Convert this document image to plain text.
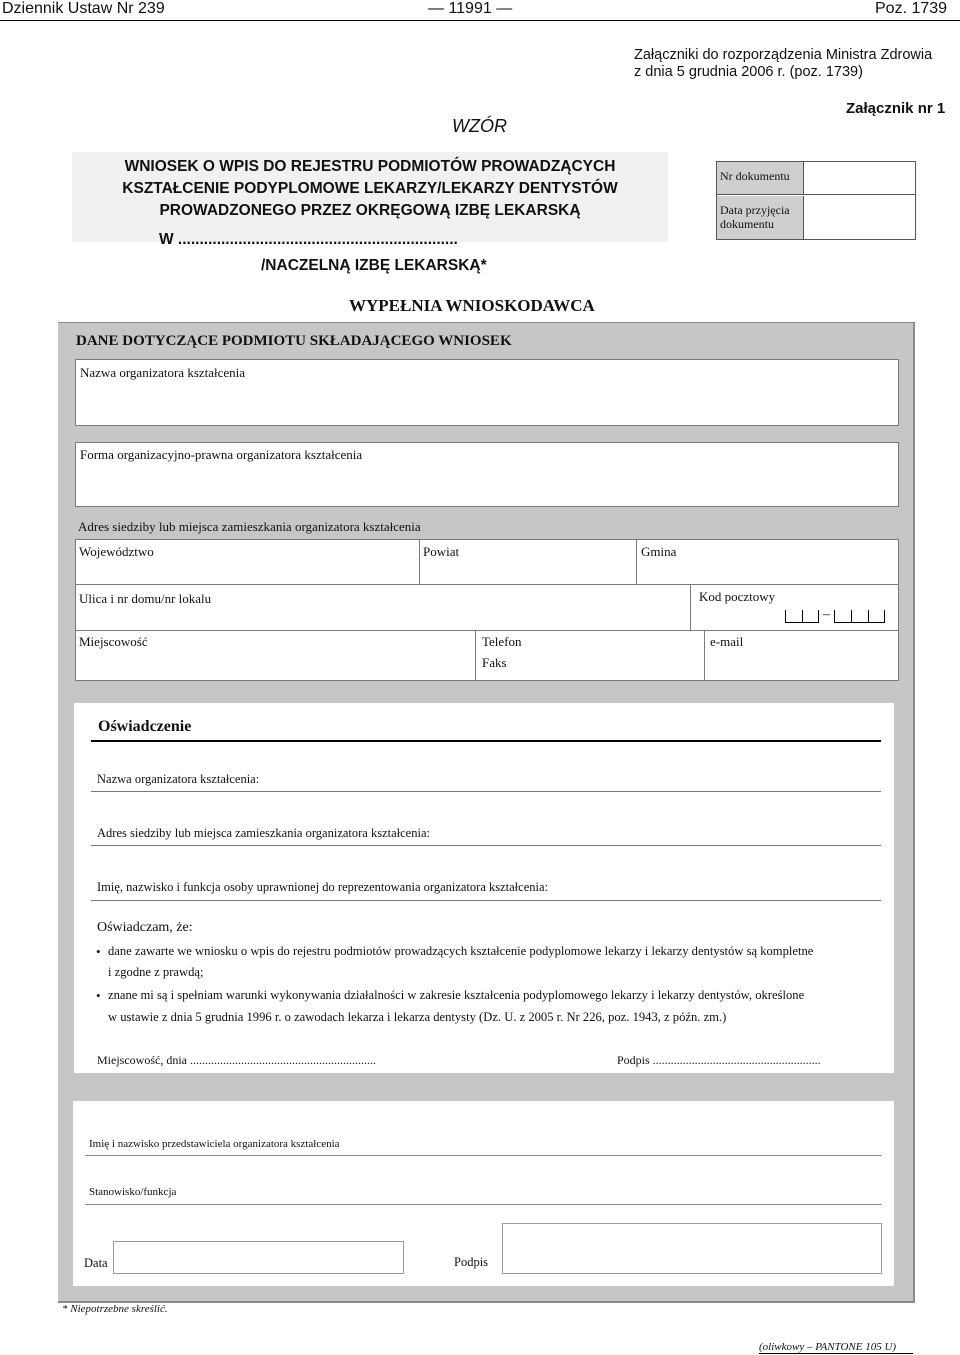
Dziennik Ustaw Nr 239	— 11991 —	Poz. 1739
Załączniki do rozporządzenia Ministra Zdrowia
z dnia 5 grudnia 2006 r. (poz. 1739)
Załącznik nr 1
WZÓR
WNIOSEK O WPIS DO REJESTRU PODMIOTÓW PROWADZĄCYCH
KSZTAŁCENIE PODYPLOMOWE LEKARZY/LEKARZY DENTYSTÓW
PROWADZONEGO PRZEZ OKRĘGOWĄ IZBĘ LEKARSKĄ
W .................................................................
/NACZELNĄ IZBĘ LEKARSKĄ*
Nr dokumentu
Data przyjęcia
dokumentu
WYPEŁNIA WNIOSKODAWCA
DANE DOTYCZĄCE PODMIOTU SKŁADAJĄCEGO WNIOSEK
Nazwa organizatora kształcenia
Forma organizacyjno-prawna organizatora kształcenia
Adres siedziby lub miejsca zamieszkania organizatora kształcenia
Województwo	Powiat	Gmina
Ulica i nr domu/nr lokalu	Kod pocztowy
–
Miejscowość	Telefon
Faks
e-mail
Oświadczenie
Nazwa organizatora kształcenia:
Adres siedziby lub miejsca zamieszkania organizatora kształcenia:
Imię, nazwisko i funkcja osoby uprawnionej do reprezentowania organizatora kształcenia:
Oświadczam, że:
• dane zawarte we wniosku o wpis do rejestru podmiotów prowadzących kształcenie podyplomowe lekarzy i lekarzy dentystów są kompletne
i zgodne z prawdą;
• znane mi są i spełniam warunki wykonywania działalności w zakresie kształcenia podyplomowego lekarzy i lekarzy dentystów, określone
w ustawie z dnia 5 grudnia 1996 r. o zawodach lekarza i lekarza dentysty (Dz. U. z 2005 r. Nr 226, poz. 1943, z późn. zm.)
Miejscowość, dnia ..............................................................	Podpis ........................................................
Imię i nazwisko przedstawiciela organizatora kształcenia
Stanowisko/funkcja
Data	Podpis
* Niepotrzebne skreślić.
(oliwkowy – PANTONE 105 U)
